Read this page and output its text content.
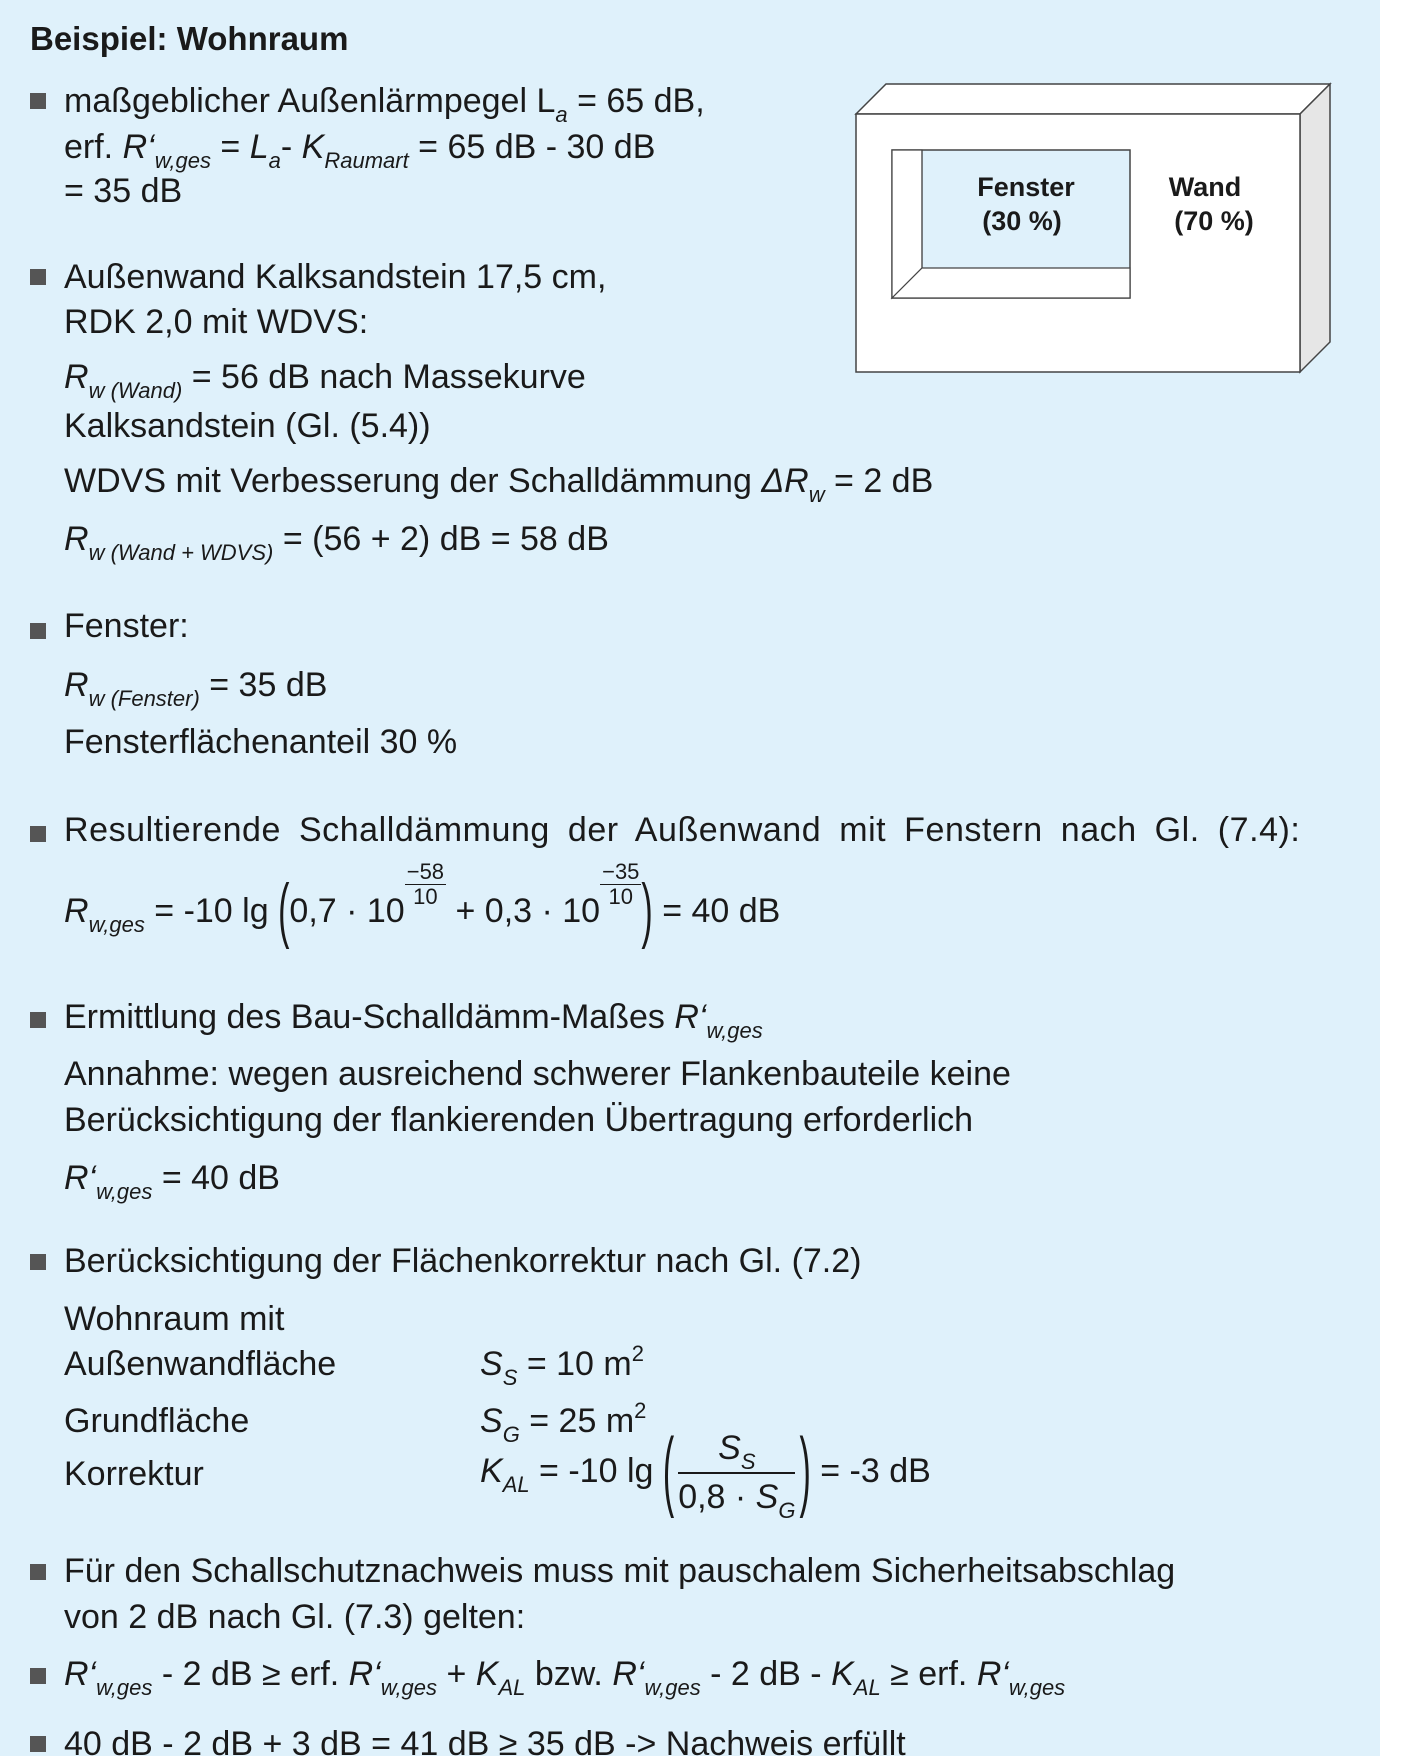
Beispiel: Wohnraum
Fenster
(30 %)
Wand
(70 %)
maßgeblicher Außenlärmpegel $L_a = 65$ dB,
erf. $R‘_{w,ges} = L_a-$ $K_{Raumart} = 65$ dB - 30 dB
= 35 dB
Außenwand Kalksandstein 17,5 cm,
RDK 2,0 mit WDVS:
$R_{w (Wand)} = 56$ dB nach Massekurve
Kalksandstein (Gl. (5.4))
WDVS mit Verbesserung der Schalldämmung $\Delta R_w = 2$ dB
$R_{w (Wand + WDVS)} = (56 + 2)$ dB = 58 dB
Fenster:
$R_{w (Fenster)} = 35$ dB
Fensterflächenanteil 30 %
Resultierende Schalldämmung der Außenwand mit Fenstern nach Gl. (7.4):
$R_{w,ges} = -10$ lg (0,7 · 10
$\frac{-58}{10}$
+ 0,3 · 10
$\frac{-35}{10}$ ) = 40 dB
Ermittlung des Bau-Schalldämm-Maßes $R‘_{w,ges}$
Annahme: wegen ausreichend schwerer Flankenbauteile keine
Berücksichtigung der flankierenden Übertragung erforderlich
$R‘_{w,ges} = 40$ dB
Berücksichtigung der Flächenkorrektur nach Gl. (7.2)
Wohnraum mit
Außenwandfläche	$S_S = 10$ $m^2$
Grundfläche	$S_G = 25$ $m^2$
Korrektur	$K_{AL} = -10$ lg ( $\frac{S_S}{0,8 \cdot S_G}$ ) = -3 dB
Für den Schallschutznachweis muss mit pauschalem Sicherheitsabschlag
von 2 dB nach Gl. (7.3) gelten:
$R‘_{w,ges} - 2$ dB ≥ erf. $R‘_{w,ges} + K_{AL}$ bzw. $R‘_{w,ges} - 2$ dB - $K_{AL}$ ≥ erf. $R‘_{w,ges}$
40 dB - 2 dB + 3 dB = 41 dB ≥ 35 dB -> Nachweis erfüllt
